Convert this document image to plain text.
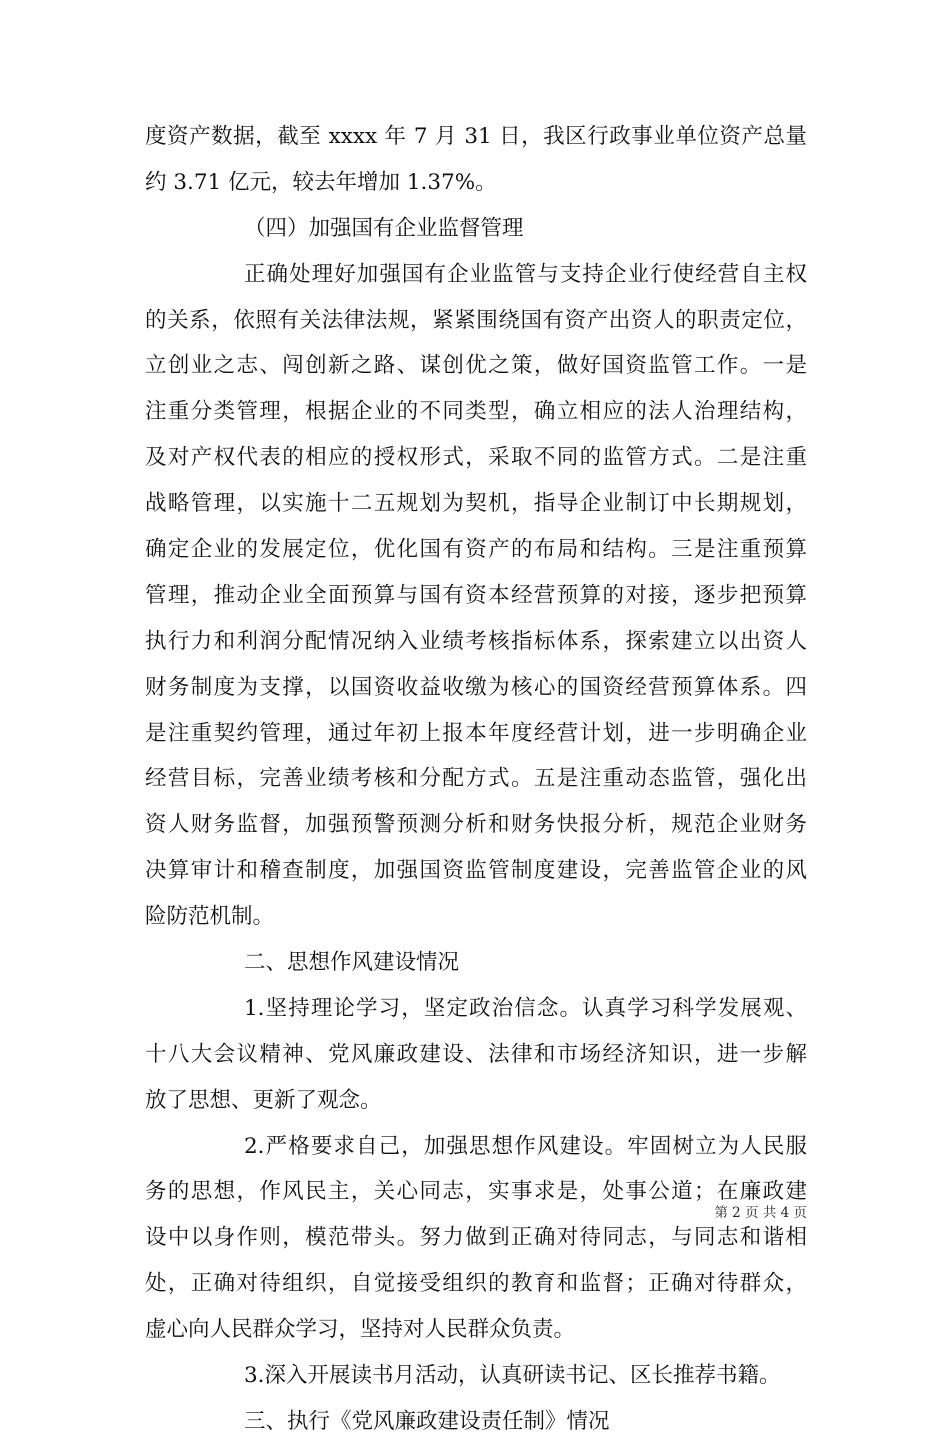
度资产数据，截至 xxxx 年 7 月 31 日，我区行政事业单位资产总量
约 3.71 亿元，较去年增加 1.37%。
（四）加强国有企业监督管理
正确处理好加强国有企业监管与支持企业行使经营自主权
的关系，依照有关法律法规，紧紧围绕国有资产出资人的职责定位，
立创业之志、闯创新之路、谋创优之策，做好国资监管工作。一是
注重分类管理，根据企业的不同类型，确立相应的法人治理结构，
及对产权代表的相应的授权形式，采取不同的监管方式。二是注重
战略管理，以实施十二五规划为契机，指导企业制订中长期规划，
确定企业的发展定位，优化国有资产的布局和结构。三是注重预算
管理，推动企业全面预算与国有资本经营预算的对接，逐步把预算
执行力和利润分配情况纳入业绩考核指标体系，探索建立以出资人
财务制度为支撑，以国资收益收缴为核心的国资经营预算体系。四
是注重契约管理，通过年初上报本年度经营计划，进一步明确企业
经营目标，完善业绩考核和分配方式。五是注重动态监管，强化出
资人财务监督，加强预警预测分析和财务快报分析，规范企业财务
决算审计和稽查制度，加强国资监管制度建设，完善监管企业的风
险防范机制。
二、思想作风建设情况
1.坚持理论学习，坚定政治信念。认真学习科学发展观、
十八大会议精神、党风廉政建设、法律和市场经济知识，进一步解
放了思想、更新了观念。
2.严格要求自己，加强思想作风建设。牢固树立为人民服
务的思想，作风民主，关心同志，实事求是，处事公道；在廉政建
设中以身作则，模范带头。努力做到正确对待同志，与同志和谐相
处，正确对待组织，自觉接受组织的教育和监督；正确对待群众，
虚心向人民群众学习，坚持对人民群众负责。
3.深入开展读书月活动，认真研读书记、区长推荐书籍。
三、执行《党风廉政建设责任制》情况
第 2 页 共 4 页
